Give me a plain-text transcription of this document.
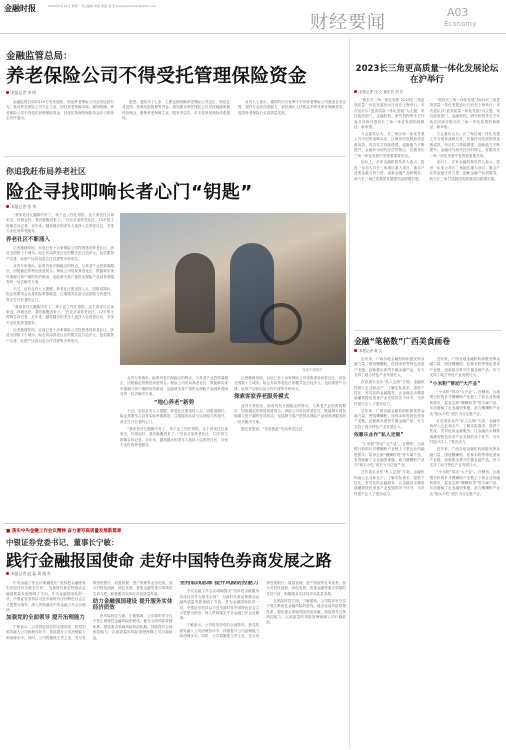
金融时报	2023年6月12日 星期一 责任编辑 单版 版面 刘 贵 E-mail:jrsb2023@163.com
财经要闻	A03
Economy
金融监管总局：
养老保险公司不得受托管理保险资金
本报记者 李 明

金融监管总局5月19日发布通知，规范养老保险公司业务运营行为，推动养老保险公司专注主业，回归养老保障本源。通知明确，养老保险公司不得受托管理保险资金，其受托管理的保险资金应当按规定有序退出。

据悉，通知共十七条，主要包括明确养老保险公司定位、规范业务范围、加强风险管理等内容。通知要求养老保险公司坚持稳健审慎经营理念，聚焦养老保障主业，服务多层次、多支柱养老保险体系建设。

业内人士表示，通知的出台有利于引导养老保险公司厘清业务边界，提升专业化经营能力，更好满足人民群众多样化养老保障需求，促进养老保险行业高质量发展。

你追我赶布局养老社区
险企寻找叩响长者心门“钥匙”
本报记者 张 华

“我家老伴儿腿脚不好了，孩子也工作忙得很，这个养老社区离家近，环境也好，我们就搬进来了。”在北京某养老社区，72岁的王阿姨告诉记者。近年来，越来越多的老年人选择入住养老社区，享受专业化的养老服务。

养老社区不断涌入

记者梳理发现，目前已有十余家保险公司投资建设养老社区，涉及全国数十个城市。险企布局养老社区的模式也日趋多元，包括重资产自建、轻资产运营以及合作共建等多种形式。

业内专家指出，险资具有长期稳定的特点，与养老产业投资周期长、回报稳定的特征高度契合。保险公司布局养老社区，既能够实现负债端与资产端的有效联动，也能够为客户提供从保险产品到养老服务的一站式解决方案。

不过，也有业内人士提醒，养老社区建设投入大、回报周期长，险企需要结合自身实际审慎推进，注重服务品质与运营能力的提升，真正打开长者的心门。

“我家老伴儿腿脚不好了，孩子也工作忙得很，这个养老社区离家近，环境也好，我们就搬进来了。”在北京某养老社区，72岁的王阿姨告诉记者。近年来，越来越多的老年人选择入住养老社区，享受专业化的养老服务。

记者梳理发现，目前已有十余家保险公司投资建设养老社区，涉及全国数十个城市。险企布局养老社区的模式也日趋多元，包括重资产自建、轻资产运营以及合作共建等多种形式。

视觉中国图片

业内专家指出，险资具有长期稳定的特点，与养老产业投资周期长、回报稳定的特征高度契合。保险公司布局养老社区，既能够实现负债端与资产端的有效联动，也能够为客户提供从保险产品到养老服务的一站式解决方案。

“地心养老”新势

不过，也有业内人士提醒，养老社区建设投入大、回报周期长，险企需要结合自身实际审慎推进，注重服务品质与运营能力的提升，真正打开长者的心门。

“我家老伴儿腿脚不好了，孩子也工作忙得很，这个养老社区离家近，环境也好，我们就搬进来了。”在北京某养老社区，72岁的王阿姨告诉记者。近年来，越来越多的老年人选择入住养老社区，享受专业化的养老服务。

记者梳理发现，目前已有十余家保险公司投资建设养老社区，涉及全国数十个城市。险企布局养老社区的模式也日趋多元，包括重资产自建、轻资产运营以及合作共建等多种形式。

探索客家养老服务模式

业内专家指出，险资具有长期稳定的特点，与养老产业投资周期长、回报稳定的特征高度契合。保险公司布局养老社区，既能够实现负债端与资产端的有效联动，也能够为客户提供从保险产品到养老服务的一站式解决方案。

据记者报道，“你追我赶”布局养老社区

■ 落实中央金融工作会议精神 奋力谱写高质量发展新篇章
中银证券党委书记、董事长宁敏：
践行金融报国使命 走好中国特色券商发展之路
本报记者 赵 磊 周 晓 红

中央金融工作会议明确提出“坚持把金融服务实体经济作为根本宗旨”，为新时代新征程推动金融高质量发展指明了方向。作为金融国家队的一员，中银证券坚持以习近平新时代中国特色社会主义思想为指导，深入贯彻落实中央金融工作会议精神。

加强党的全面领导 提升治理能力

宁敏表示，公司将坚持党的全面领导，把党的领导融入公司治理各环节，持续提升公司治理能力和治理水平。同时，公司将聚焦主责主业，充分发挥投资银行、财富管理、资产管理等业务优势，加大对科技创新、绿色发展、普惠金融等重点领域的支持力度，积极服务实体经济高质量发展。

助力金融强国建设 提升服务实体经济质效

在风险防控方面，宁敏强调，公司将牢牢守住不发生系统性金融风险的底线，健全全面风险管理体系，强化重点领域风险防范化解，持续提升合规风控能力，以高质量的风险管理保障公司行稳致远。

坚持底线思维 提升风险防控能力

中央金融工作会议明确提出“坚持把金融服务实体经济作为根本宗旨”，为新时代新征程推动金融高质量发展指明了方向。作为金融国家队的一员，中银证券坚持以习近平新时代中国特色社会主义思想为指导，深入贯彻落实中央金融工作会议精神。

宁敏表示，公司将坚持党的全面领导，把党的领导融入公司治理各环节，持续提升公司治理能力和治理水平。同时，公司将聚焦主责主业，充分发挥投资银行、财富管理、资产管理等业务优势，加大对科技创新、绿色发展、普惠金融等重点领域的支持力度，积极服务实体经济高质量发展。

在风险防控方面，宁敏强调，公司将牢牢守住不发生系统性金融风险的底线，健全全面风险管理体系，强化重点领域风险防范化解，持续提升合规风控能力，以高质量的风险管理保障公司行稳致远。

2023长三角更高质量一体化发展论坛在沪举行
本报记者 沈 文 通讯员 刘 洋

“做好长三角一体化发展”2023长三角更高质量一体化发展论坛日前在上海举行。本次论坛以“更高质量一体化发展”为主题，来自政府部门、金融机构、研究机构等多方代表共同探讨推动长三角一体化发展的新路径、新举措。

与会嘉宾认为，长三角区域一体化发展上升为国家战略以来，区域协同发展取得显著成效，经济实力持续增强，创新能力不断提升。金融作为现代经济的核心，在服务长三角一体化发展中发挥着重要作用。

论坛上，多家金融机构负责人表示，将进一步加大对长三角地区重大项目、重点产业的金融支持力度，创新金融产品和服务，助力长三角打造我国发展强劲活跃增长极。

“做好长三角一体化发展”2023长三角更高质量一体化发展论坛日前在上海举行。本次论坛以“更高质量一体化发展”为主题，来自政府部门、金融机构、研究机构等多方代表共同探讨推动长三角一体化发展的新路径、新举措。

与会嘉宾认为，长三角区域一体化发展上升为国家战略以来，区域协同发展取得显著成效，经济实力持续增强，创新能力不断提升。金融作为现代经济的核心，在服务长三角一体化发展中发挥着重要作用。

论坛上，多家金融机构负责人表示，将进一步加大对长三角地区重大项目、重点产业的金融支持力度，创新金融产品和服务，助力长三角打造我国发展强劲活跃增长极。

金融“笔秘数”广西美食画卷
本报记者 黄 文

近年来，广西各地金融机构积极发挥金融力量，围绕螺蛳粉、桂林米粉等特色美食产业链，创新推出系列专属金融产品，有力支持了地方特色产业发展壮大。

在依靠乐业作“私人定制”方面，金融机构深入企业和农户，了解实际需求，提供个性化、差异化的金融服务，让金融活水精准滴灌到特色美食产业发展的各个环节，为乡村振兴注入了强劲动力。

近年来，广西各地金融机构积极发挥金融力量，围绕螺蛳粉、桂林米粉等特色美食产业链，创新推出系列专属金融产品，有力支持了地方特色产业发展壮大。

依靠乐业作“私人定制”

“小米粉”带动“大产业”。在柳州，当地银行机构针对螺蛳粉产业链上下游企业的融资需求，量身定制“螺蛳粉贷”等专属产品，有效破解了企业融资难题，助力螺蛳粉产业从“街头小吃”成长为百亿级产业。

在依靠乐业作“私人定制”方面，金融机构深入企业和农户，了解实际需求，提供个性化、差异化的金融服务，让金融活水精准滴灌到特色美食产业发展的各个环节，为乡村振兴注入了强劲动力。

近年来，广西各地金融机构积极发挥金融力量，围绕螺蛳粉、桂林米粉等特色美食产业链，创新推出系列专属金融产品，有力支持了地方特色产业发展壮大。

“小米粉”带动“大产业”

“小米粉”带动“大产业”。在柳州，当地银行机构针对螺蛳粉产业链上下游企业的融资需求，量身定制“螺蛳粉贷”等专属产品，有效破解了企业融资难题，助力螺蛳粉产业从“街头小吃”成长为百亿级产业。

在依靠乐业作“私人定制”方面，金融机构深入企业和农户，了解实际需求，提供个性化、差异化的金融服务，让金融活水精准滴灌到特色美食产业发展的各个环节，为乡村振兴注入了强劲动力。

近年来，广西各地金融机构积极发挥金融力量，围绕螺蛳粉、桂林米粉等特色美食产业链，创新推出系列专属金融产品，有力支持了地方特色产业发展壮大。

“小米粉”带动“大产业”。在柳州，当地银行机构针对螺蛳粉产业链上下游企业的融资需求，量身定制“螺蛳粉贷”等专属产品，有效破解了企业融资难题，助力螺蛳粉产业从“街头小吃”成长为百亿级产业。
